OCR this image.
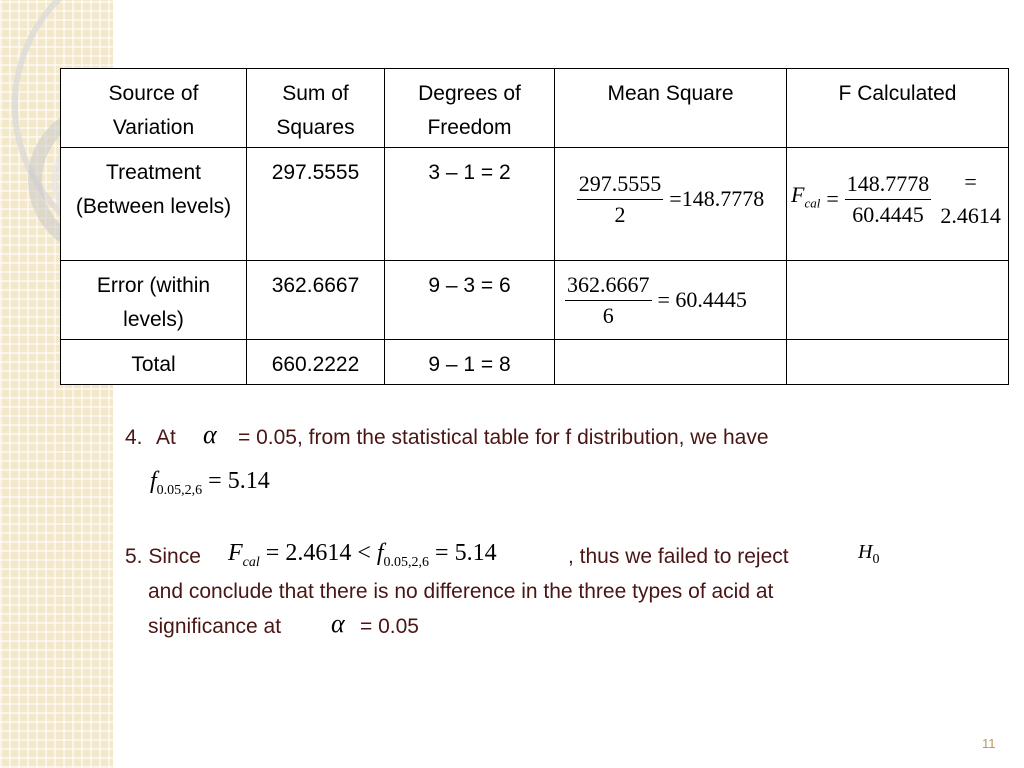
Source of Variation	Sum of Squares	Degrees of Freedom	Mean Square	F Calculated
Treatment (Between levels)	297.5555	3 – 1 = 2	$\frac{297.5555}{2} =148.7778$	$F_{cal} = \frac{148.7778}{60.4445} = 2.4614$

Error (within levels)	362.6667	9 – 3 = 6	$\frac{362.6667}{6} = 60.4445$	

Total	660.2222	9 – 1 = 8		
4. At α = 0.05, from the statistical table for f distribution, we have
$f_{0.05,2,6} = 5.14$
5. Since $F_{cal} = 2.4614 < f_{0.05,2,6} = 5.14$	, thus we failed to reject	$H_0$
and conclude that there is no difference in the three types of acid at
significance at α = 0.05
11
